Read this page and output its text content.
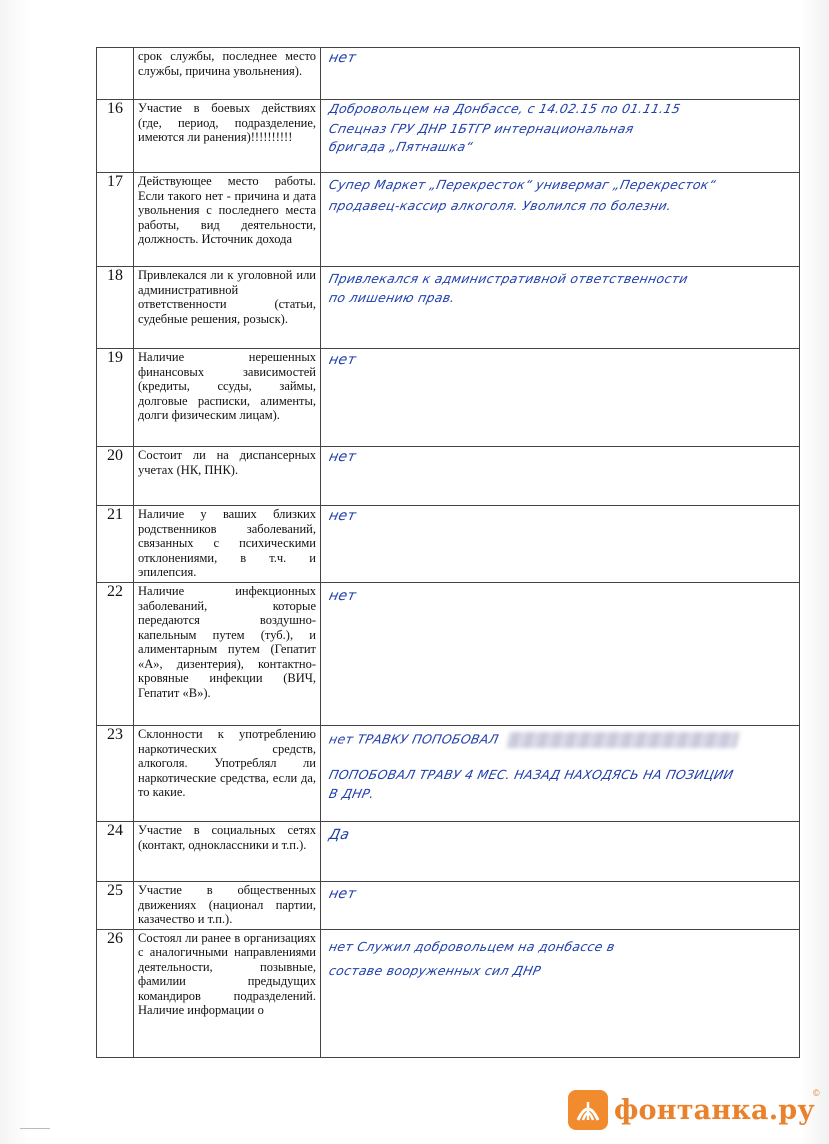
	срок службы, последнее место службы, причина увольнения).	нет

16	Участие в боевых действиях (где, период, подразделение, имеются ли ранения)!!!!!!!!!!	Добровольцем на Донбассе, с 14.02.15 по 01.11.15
Спецназ ГРУ ДНР 1БТГР интернациональная
бригада „Пятнашка“

17	Действующее место работы. Если такого нет - причина и дата увольнения с последнего места работы, вид деятельности, должность. Источник дохода	Супер Маркет „Перекресток“ универмаг „Перекресток“
продавец-кассир алкоголя. Уволился по болезни.

18	Привлекался ли к уголовной или административной ответственности (статьи, судебные решения, розыск).	Привлекался к административной ответственности
по лишению прав.

19	Наличие нерешенных финансовых зависимостей (кредиты, ссуды, займы, долговые расписки, алименты, долги физическим лицам).	нет

20	Состоит ли на диспансерных учетах (НК, ПНК).	нет

21	Наличие у ваших близких родственников заболеваний, связанных с психическими отклонениями, в т.ч. и эпилепсия.	нет

22	Наличие инфекционных заболеваний, которые передаются воздушно-капельным путем (туб.), и алиментарным путем (Гепатит «А», дизентерия), контактно-кровяные инфекции (ВИЧ, Гепатит «В»).	нет

23	Склонности к употреблению наркотических средств, алкоголя. Употреблял ли наркотические средства, если да, то какие.	нет ТРАВКУ ПОПОБОВАЛ
ПОПОБОВАЛ ТРАВУ 4 МЕС. НАЗАД НАХОДЯСЬ НА ПОЗИЦИИ
В ДНР.

24	Участие в социальных сетях (контакт, одноклассники и т.п.).	Да

25	Участие в общественных движениях (национал партии, казачество и т.п.).	нет

26	Состоял ли ранее в организациях с аналогичными направлениями деятельности, позывные, фамилии предыдущих командиров подразделений. Наличие информации о	нет Служил добровольцем на донбассе в
составе вооруженных сил ДНР
фонтанка.ру
©
